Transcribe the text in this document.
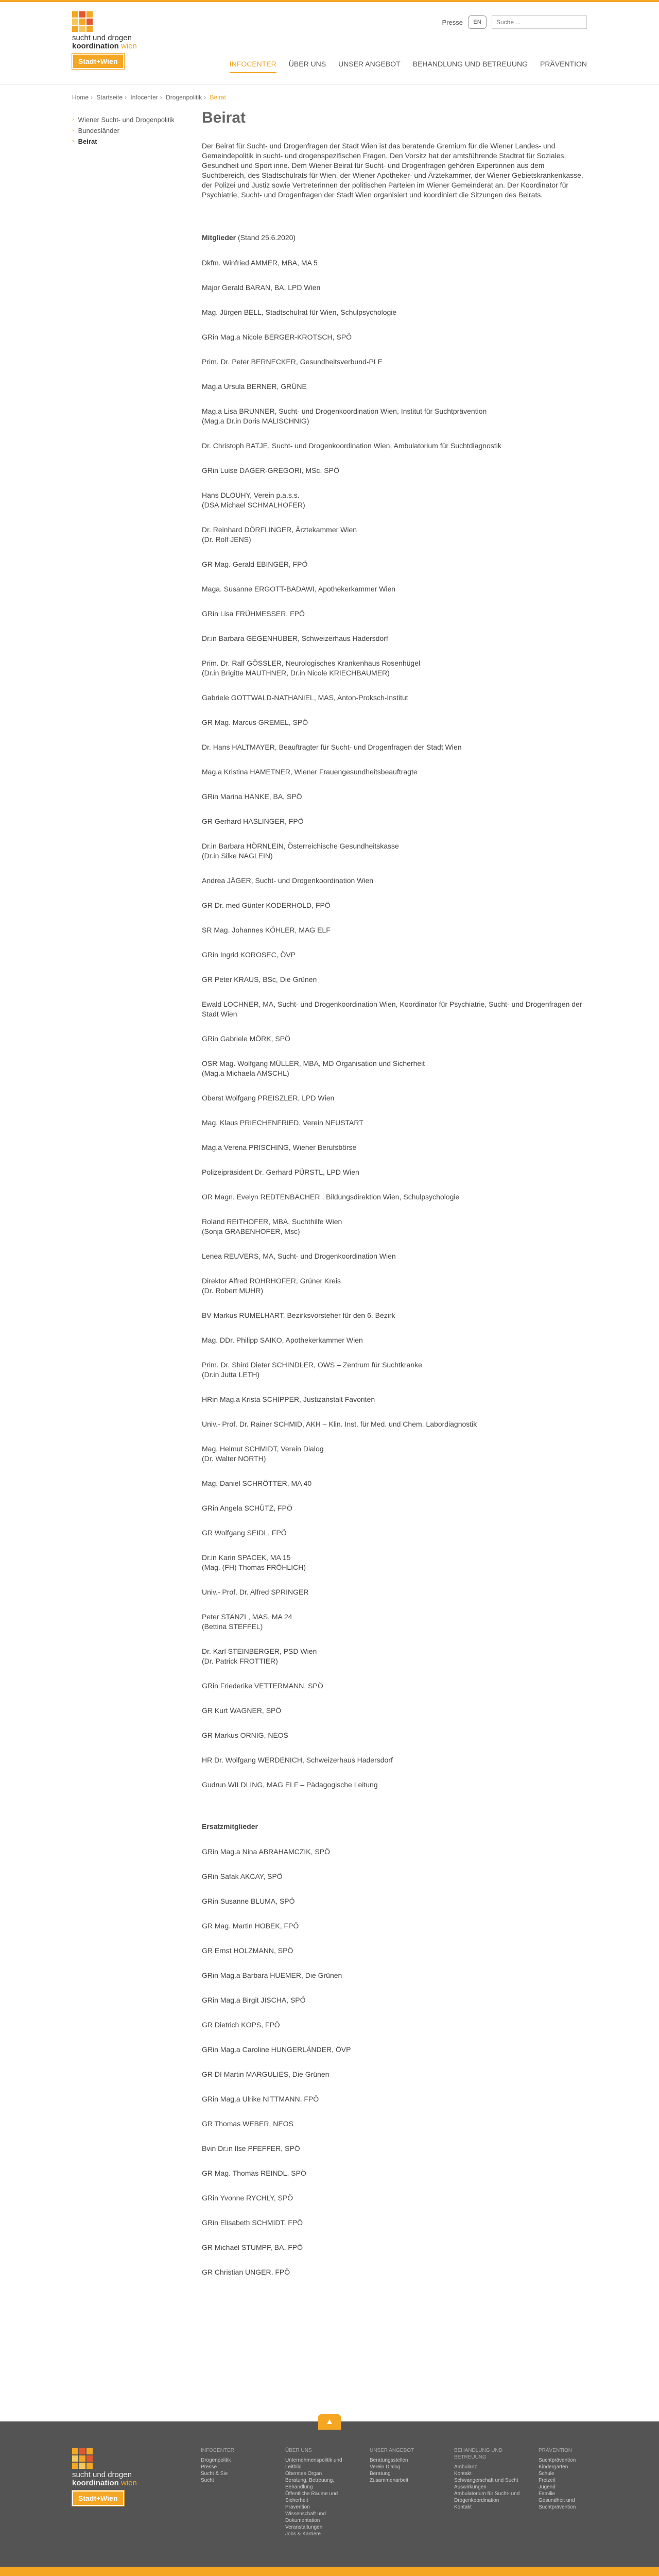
sucht und drogen
koordination wien
Stadt+Wien
Presse	EN
Suche ...
INFOCENTER ÜBER UNS UNSER ANGEBOT BEHANDLUNG UND BETREUUNG PRÄVENTION
Home › Startseite › Infocenter › Drogenpolitik › Beirat
› Wiener Sucht- und Drogenpolitik
› Bundesländer
› Beirat
Beirat

Der Beirat für Sucht- und Drogenfragen der Stadt Wien ist das beratende Gremium für die Wiener Landes- und Gemeindepolitik in sucht- und drogenspezifischen Fragen. Den Vorsitz hat der amtsführende Stadtrat für Soziales, Gesundheit und Sport inne. Dem Wiener Beirat für Sucht- und Drogenfragen gehören Expertinnen aus dem Suchtbereich, des Stadtschulrats für Wien, der Wiener Apotheker- und Ärztekammer, der Wiener Gebietskrankenkasse, der Polizei und Justiz sowie Vertreterinnen der politischen Parteien im Wiener Gemeinderat an. Der Koordinator für Psychiatrie, Sucht- und Drogenfragen der Stadt Wien organisiert und koordiniert die Sitzungen des Beirats.

Mitglieder (Stand 25.6.2020)

Dkfm. Winfried AMMER, MBA, MA 5

Major Gerald BARAN, BA, LPD Wien

Mag. Jürgen BELL, Stadtschulrat für Wien, Schulpsychologie

GRin Mag.a Nicole BERGER-KROTSCH, SPÖ

Prim. Dr. Peter BERNECKER, Gesundheitsverbund-PLE

Mag.a Ursula BERNER, GRÜNE

Mag.a Lisa BRUNNER, Sucht- und Drogenkoordination Wien, Institut für Suchtprävention
(Mag.a Dr.in Doris MALISCHNIG)

Dr. Christoph BATJE, Sucht- und Drogenkoordination Wien, Ambulatorium für Suchtdiagnostik

GRin Luise DAGER-GREGORI, MSc, SPÖ

Hans DLOUHY, Verein p.a.s.s.
(DSA Michael SCHMALHOFER)

Dr. Reinhard DÖRFLINGER, Ärztekammer Wien
(Dr. Rolf JENS)

GR Mag. Gerald EBINGER, FPÖ

Maga. Susanne ERGOTT-BADAWI, Apothekerkammer Wien

GRin Lisa FRÜHMESSER, FPÖ

Dr.in Barbara GEGENHUBER, Schweizerhaus Hadersdorf

Prim. Dr. Ralf GÖSSLER, Neurologisches Krankenhaus Rosenhügel
(Dr.in Brigitte MAUTHNER, Dr.in Nicole KRIECHBAUMER)

Gabriele GOTTWALD-NATHANIEL, MAS, Anton-Proksch-Institut

GR Mag. Marcus GREMEL, SPÖ

Dr. Hans HALTMAYER, Beauftragter für Sucht- und Drogenfragen der Stadt Wien

Mag.a Kristina HAMETNER, Wiener Frauengesundheitsbeauftragte

GRin Marina HANKE, BA, SPÖ

GR Gerhard HASLINGER, FPÖ

Dr.in Barbara HÖRNLEIN, Österreichische Gesundheitskasse
(Dr.in Silke NAGLEIN)

Andrea JÄGER, Sucht- und Drogenkoordination Wien

GR Dr. med Günter KODERHOLD, FPÖ

SR Mag. Johannes KÖHLER, MAG ELF

GRin Ingrid KOROSEC, ÖVP

GR Peter KRAUS, BSc, Die Grünen

Ewald LOCHNER, MA, Sucht- und Drogenkoordination Wien, Koordinator für Psychiatrie, Sucht- und Drogenfragen der Stadt Wien

GRin Gabriele MÖRK, SPÖ

OSR Mag. Wolfgang MÜLLER, MBA, MD Organisation und Sicherheit
(Mag.a Michaela AMSCHL)

Oberst Wolfgang PREISZLER, LPD Wien

Mag. Klaus PRIECHENFRIED, Verein NEUSTART

Mag.a Verena PRISCHING, Wiener Berufsbörse

Polizeipräsident Dr. Gerhard PÜRSTL, LPD Wien

OR Magn. Evelyn REDTENBACHER , Bildungsdirektion Wien, Schulpsychologie

Roland REITHOFER, MBA, Suchthilfe Wien
(Sonja GRABENHOFER, Msc)

Lenea REUVERS, MA, Sucht- und Drogenkoordination Wien

Direktor Alfred ROHRHOFER, Grüner Kreis
(Dr. Robert MUHR)

BV Markus RUMELHART, Bezirksvorsteher für den 6. Bezirk

Mag. DDr. Philipp SAIKO, Apothekerkammer Wien

Prim. Dr. Shird Dieter SCHINDLER, OWS – Zentrum für Suchtkranke
(Dr.in Jutta LETH)

HRin Mag.a Krista SCHIPPER, Justizanstalt Favoriten

Univ.- Prof. Dr. Rainer SCHMID, AKH – Klin. Inst. für Med. und Chem. Labordiagnostik

Mag. Helmut SCHMIDT, Verein Dialog
(Dr. Walter NORTH)

Mag. Daniel SCHRÖTTER, MA 40

GRin Angela SCHÜTZ, FPÖ

GR Wolfgang SEIDL, FPÖ

Dr.in Karin SPACEK, MA 15
(Mag. (FH) Thomas FRÖHLICH)

Univ.- Prof. Dr. Alfred SPRINGER

Peter STANZL, MAS, MA 24
(Bettina STEFFEL)

Dr. Karl STEINBERGER, PSD Wien
(Dr. Patrick FROTTIER)

GRin Friederike VETTERMANN, SPÖ

GR Kurt WAGNER, SPÖ

GR Markus ORNIG, NEOS

HR Dr. Wolfgang WERDENICH, Schweizerhaus Hadersdorf

Gudrun WILDLING, MAG ELF – Pädagogische Leitung

Ersatzmitglieder

GRin Mag.a Nina ABRAHAMCZIK, SPÖ

GRin Safak AKCAY, SPÖ

GRin Susanne BLUMA, SPÖ

GR Mag. Martin HOBEK, FPÖ

GR Ernst HOLZMANN, SPÖ

GRin Mag.a Barbara HUEMER, Die Grünen

GRin Mag.a Birgit JISCHA, SPÖ

GR Dietrich KOPS, FPÖ

GRin Mag.a Caroline HUNGERLÄNDER, ÖVP

GR DI Martin MARGULIES, Die Grünen

GRin Mag.a Ulrike NITTMANN, FPÖ

GR Thomas WEBER, NEOS

Bvin Dr.in Ilse PFEFFER, SPÖ

GR Mag. Thomas REINDL, SPÖ

GRin Yvonne RYCHLY, SPÖ

GRin Elisabeth SCHMIDT, FPÖ

GR Michael STUMPF, BA, FPÖ

GR Christian UNGER, FPÖ

▲
sucht und drogen
koordination wien
Stadt+Wien
INFOCENTER
Drogenpolitik
Presse
Sucht & Sie
Sucht
ÜBER UNS
Unternehmenspolitik und Leitbild
Oberstes Organ
Beratung, Betreuung, Behandlung
Öffentliche Räume und Sicherheit
Prävention
Wissenschaft und Dokumentation
Veranstaltungen
Jobs & Karriere
UNSER ANGEBOT
Beratungsstellen
Verein Dialog
Beratung
Zusammenarbeit
BEHANDLUNG UND BETREUUNG
Ambulanz
Kontakt
Schwangerschaft und Sucht
Auswirkungen
Ambulatorium für Sucht- und Drogenkoordination
Kontakt
PRÄVENTION
Suchtprävention
Kindergarten
Schule
Freizeit
Jugend
Familie
Gesundheit und Suchtprävention
